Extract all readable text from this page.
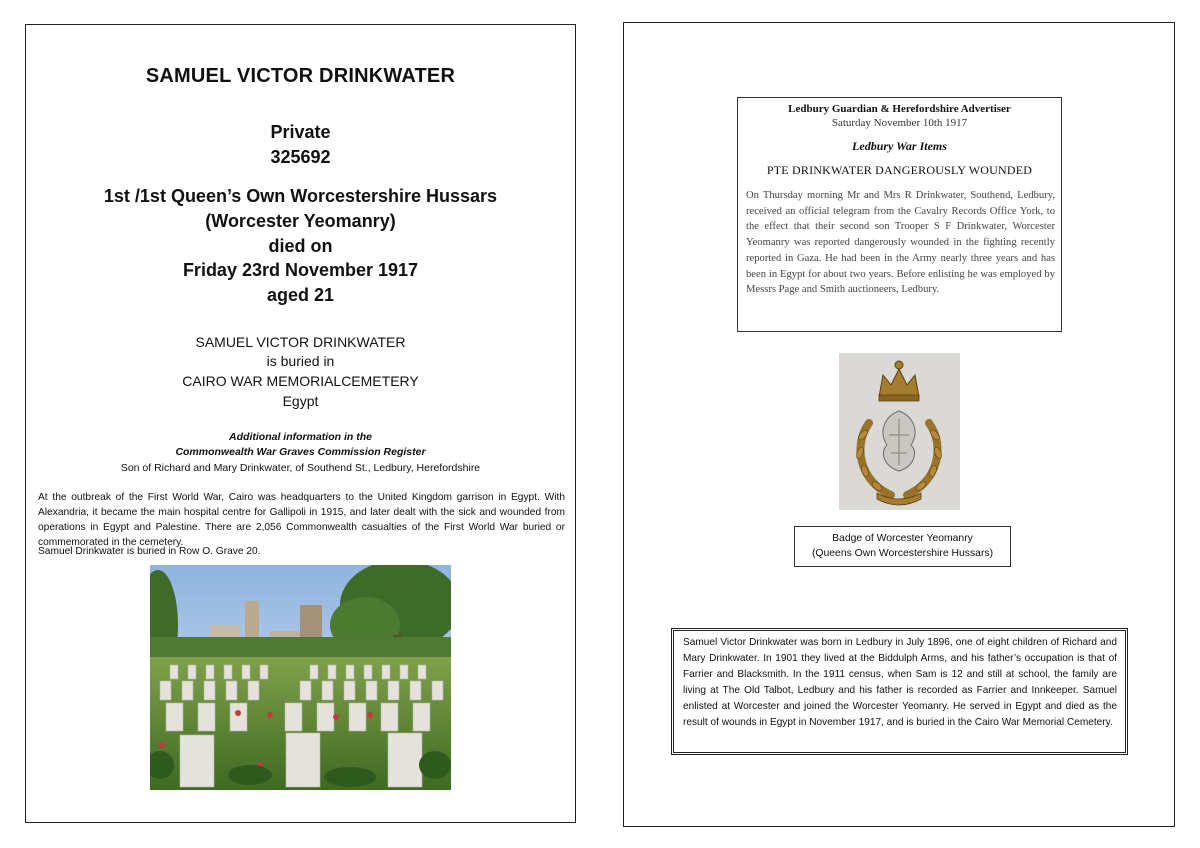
SAMUEL VICTOR DRINKWATER
Private
325692
1st /1st Queen’s Own Worcestershire Hussars
(Worcester Yeomanry)
died on
Friday 23rd November 1917
aged 21
SAMUEL VICTOR DRINKWATER
is buried in
CAIRO WAR MEMORIALCEMETERY
Egypt
Additional information in the
Commonwealth War Graves Commission Register
Son of Richard and Mary Drinkwater, of Southend St., Ledbury, Herefordshire
At the outbreak of the First World War, Cairo was headquarters to the United Kingdom garrison in Egypt. With Alexandria, it became the main hospital centre for Gallipoli in 1915, and later dealt with the sick and wounded from operations in Egypt and Palestine. There are 2,056 Commonwealth casualties of the First World War buried or commemorated in the cemetery.
Samuel Drinkwater is buried in Row O. Grave 20.
Ledbury Guardian & Herefordshire Advertiser
Saturday November 10th 1917
Ledbury War Items
PTE DRINKWATER DANGEROUSLY WOUNDED
On Thursday morning Mr and Mrs R Drinkwater, Southend, Ledbury, received an official telegram from the Cavalry Records Office York, to the effect that their second son Trooper S F Drinkwater, Worcester Yeomanry was reported dangerously wounded in the fighting recently reported in Gaza. He had been in the Army nearly three years and has been in Egypt for about two years. Before enlisting he was employed by Messrs Page and Smith auctioneers, Ledbury.
Badge of Worcester Yeomanry
(Queens Own Worcestershire Hussars)
Samuel Victor Drinkwater was born in Ledbury in July 1896, one of eight children of Richard and Mary Drinkwater. In 1901 they lived at the Biddulph Arms, and his father’s occupation is that of Farrier and Blacksmith. In the 1911 census, when Sam is 12 and still at school, the family are living at The Old Talbot, Ledbury and his father is recorded as Farrier and Innkeeper. Samuel enlisted at Worcester and joined the Worcester Yeomanry. He served in Egypt and died as the result of wounds in Egypt in November 1917, and is buried in the Cairo War Memorial Cemetery.
